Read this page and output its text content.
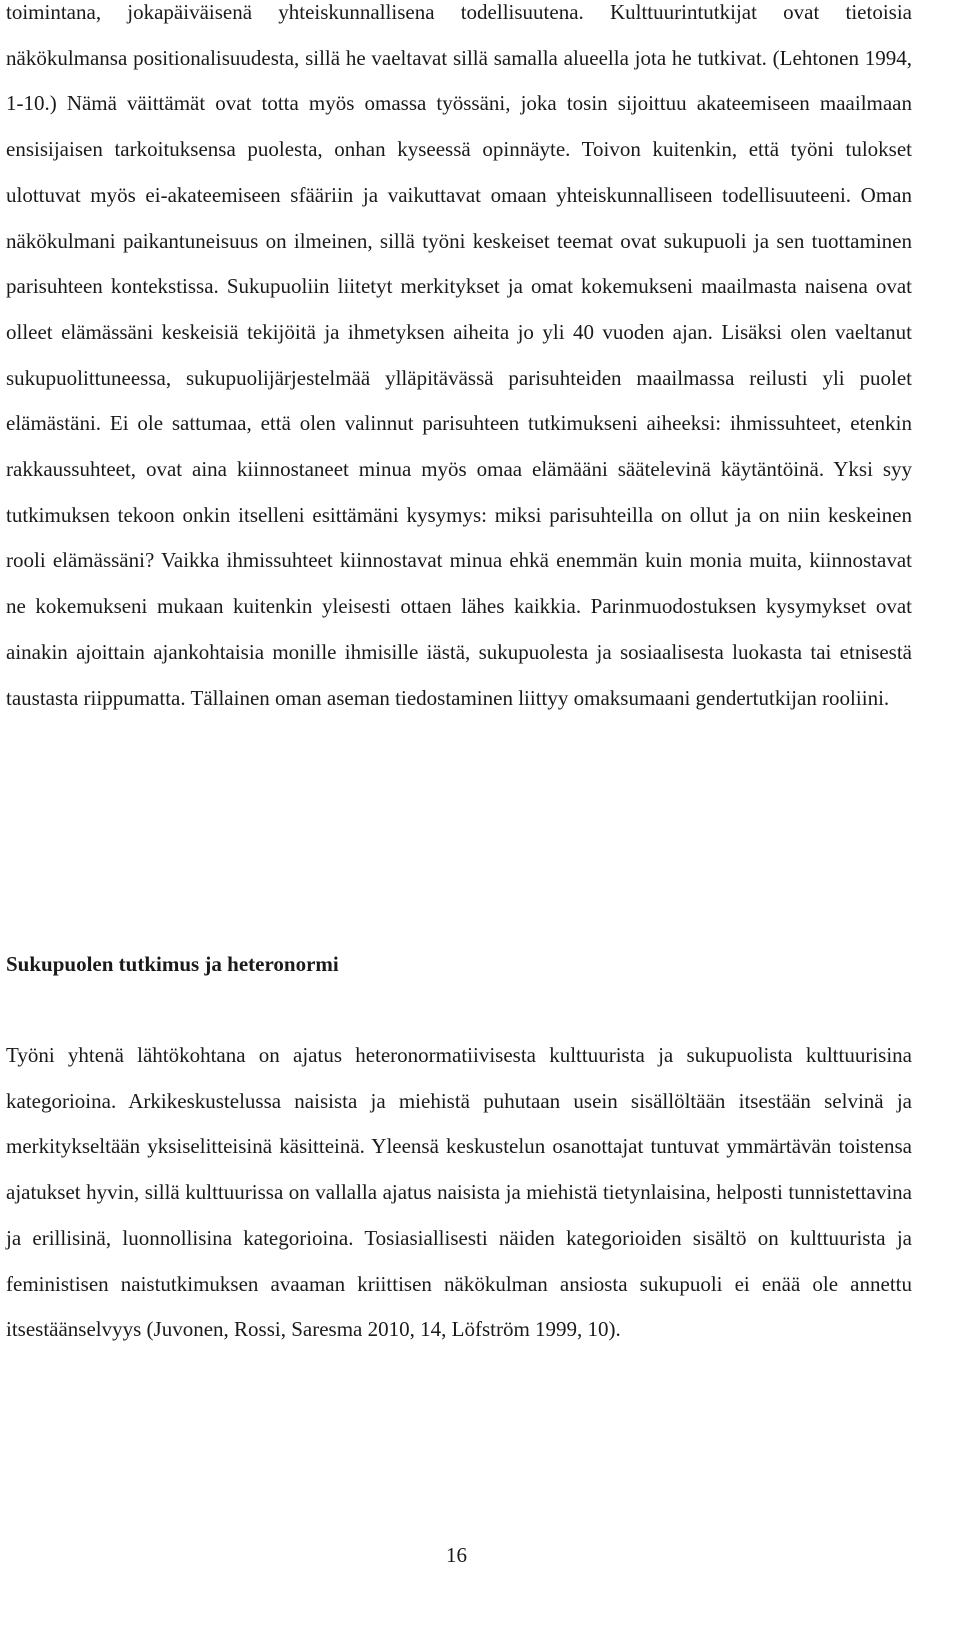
toimintana, jokapäiväisenä yhteiskunnallisena todellisuutena. Kulttuurintutkijat ovat tietoisia näkökulmansa positionalisuudesta, sillä he vaeltavat sillä samalla alueella jota he tutkivat. (Lehtonen 1994, 1-10.) Nämä väittämät ovat totta myös omassa työssäni, joka tosin sijoittuu akateemiseen maailmaan ensisijaisen tarkoituksensa puolesta, onhan kyseessä opinnäyte. Toivon kuitenkin, että työni tulokset ulottuvat myös ei-akateemiseen sfääriin ja vaikuttavat omaan yhteiskunnalliseen todellisuuteeni. Oman näkökulmani paikantuneisuus on ilmeinen, sillä työni keskeiset teemat ovat sukupuoli ja sen tuottaminen parisuhteen kontekstissa. Sukupuoliin liitetyt merkitykset ja omat kokemukseni maailmasta naisena ovat olleet elämässäni keskeisiä tekijöitä ja ihmetyksen aiheita jo yli 40 vuoden ajan. Lisäksi olen vaeltanut sukupuolittuneessa, sukupuolijärjestelmää ylläpitävässä parisuhteiden maailmassa reilusti yli puolet elämästäni. Ei ole sattumaa, että olen valinnut parisuhteen tutkimukseni aiheeksi: ihmissuhteet, etenkin rakkaussuhteet, ovat aina kiinnostaneet minua myös omaa elämääni säätelevinä käytäntöinä. Yksi syy tutkimuksen tekoon onkin itselleni esittämäni kysymys: miksi parisuhteilla on ollut ja on niin keskeinen rooli elämässäni? Vaikka ihmissuhteet kiinnostavat minua ehkä enemmän kuin monia muita, kiinnostavat ne kokemukseni mukaan kuitenkin yleisesti ottaen lähes kaikkia. Parinmuodostuksen kysymykset ovat ainakin ajoittain ajankohtaisia monille ihmisille iästä, sukupuolesta ja sosiaalisesta luokasta tai etnisestä taustasta riippumatta. Tällainen oman aseman tiedostaminen liittyy omaksumaani gendertutkijan rooliini.

Sukupuolen tutkimus ja heteronormi

Työni yhtenä lähtökohtana on ajatus heteronormatiivisesta kulttuurista ja sukupuolista kulttuurisina kategorioina. Arkikeskustelussa naisista ja miehistä puhutaan usein sisällöltään itsestään selvinä ja merkitykseltään yksiselitteisinä käsitteinä. Yleensä keskustelun osanottajat tuntuvat ymmärtävän toistensa ajatukset hyvin, sillä kulttuurissa on vallalla ajatus naisista ja miehistä tietynlaisina, helposti tunnistettavina ja erillisinä, luonnollisina kategorioina. Tosiasiallisesti näiden kategorioiden sisältö on kulttuurista ja feministisen naistutkimuksen avaaman kriittisen näkökulman ansiosta sukupuoli ei enää ole annettu itsestäänselvyys (Juvonen, Rossi, Saresma 2010, 14, Löfström 1999, 10).

16
